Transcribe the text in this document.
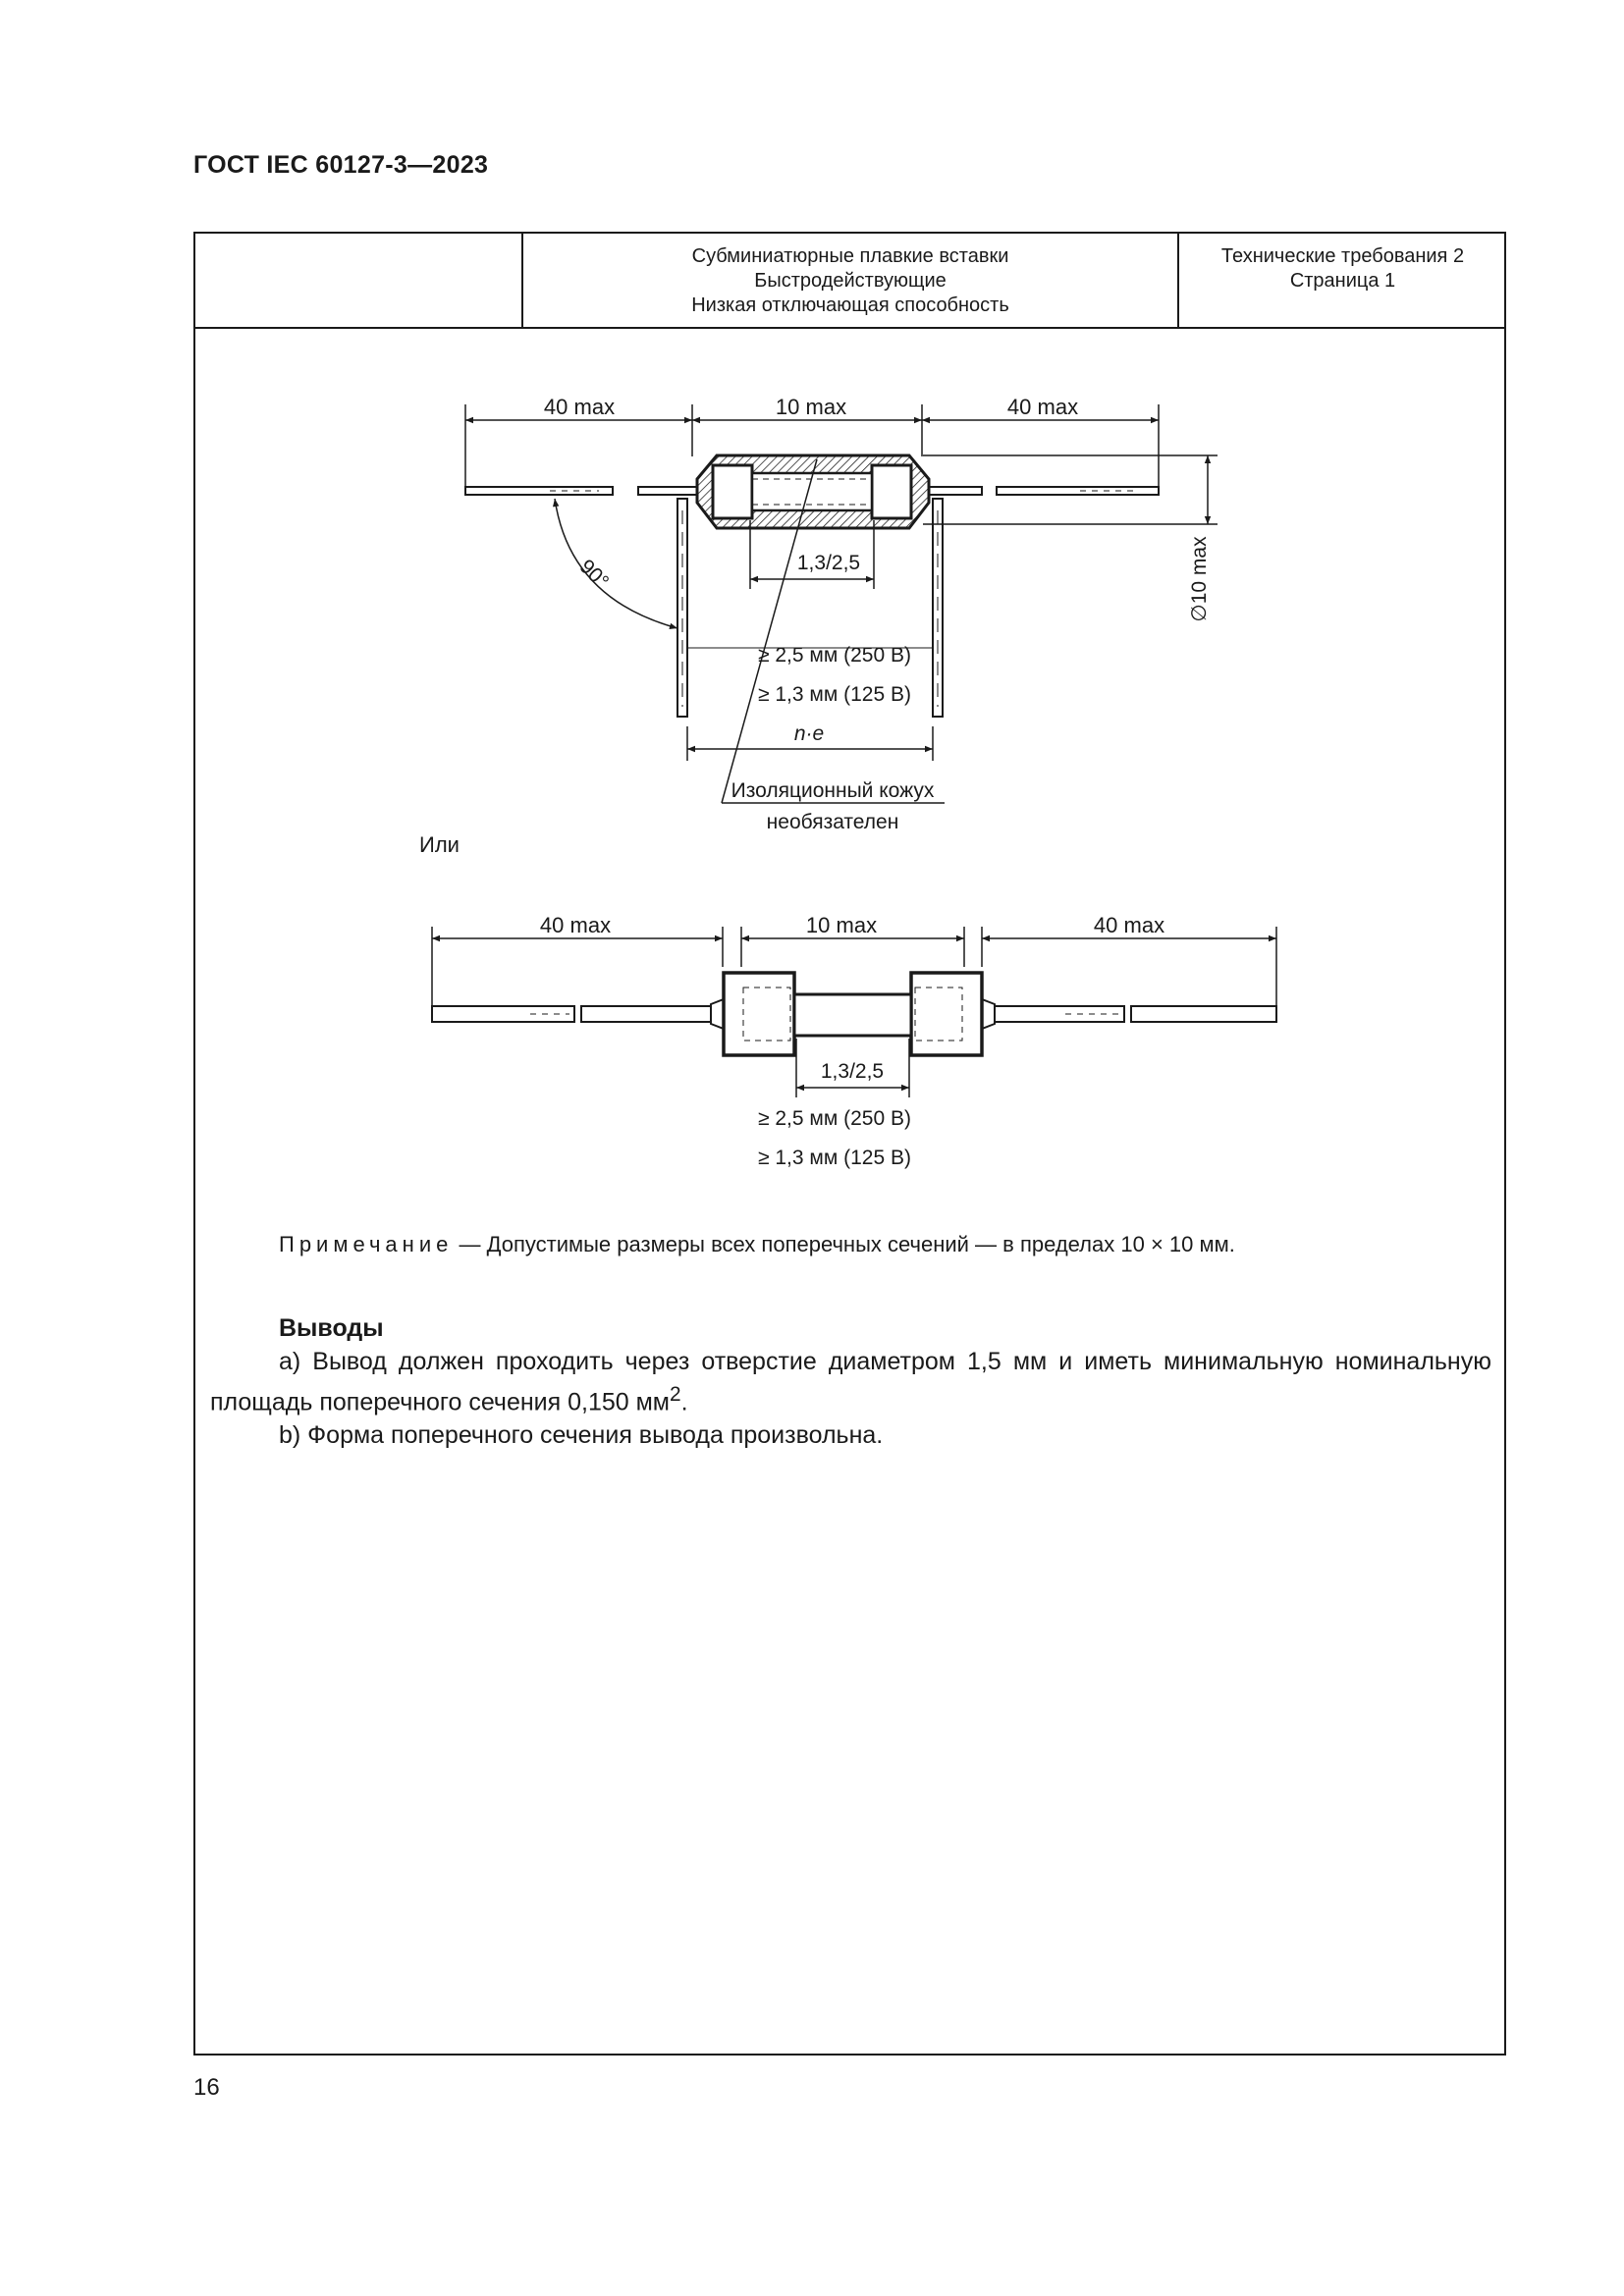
ГОСТ IEC 60127-3—2023
Субминиатюрные плавкие вставки
Быстродействующие
Низкая отключающая способность
Технические требования 2
Страница 1
40 max	10 max	40 max
90°	∅10 max
1,3/2,5
≥ 2,5 мм (250 В)
≥ 1,3 мм (125 В)
n·e
Изоляционный кожух
необязателен
40 max	10 max	40 max
1,3/2,5
≥ 2,5 мм (250 В)
≥ 1,3 мм (125 В)
Или
Примечание — Допустимые размеры всех поперечных сечений — в пределах 10 × 10 мм.
Выводы
a) Вывод должен проходить через отверстие диаметром 1,5 мм и иметь минимальную номинальную площадь поперечного сечения 0,150 $мм^2$.
b) Форма поперечного сечения вывода произвольна.
16
